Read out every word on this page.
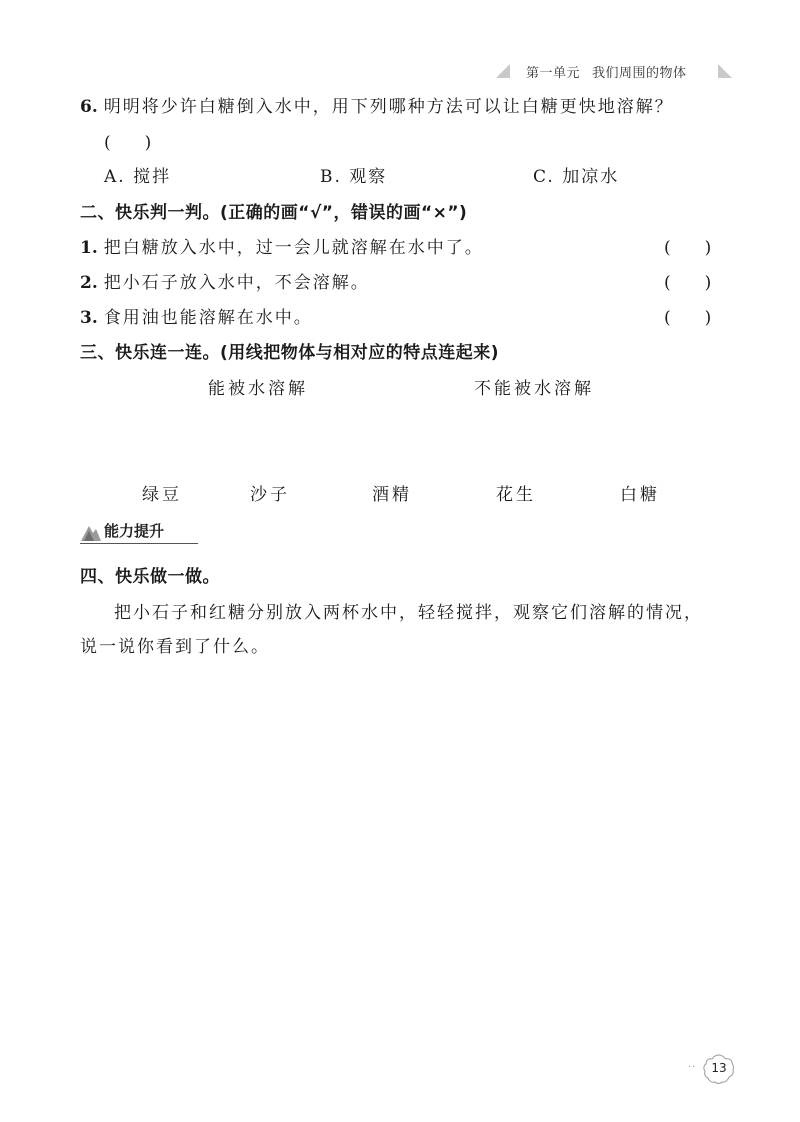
第一单元 我们周围的物体
6. 明明将少许白糖倒入水中，用下列哪种方法可以让白糖更快地溶解？
(　　)
A. 搅拌	B. 观察	C. 加凉水
二、快乐判一判。(正确的画“√”，错误的画“×”)
1. 把白糖放入水中，过一会儿就溶解在水中了。	(　　)
2. 把小石子放入水中，不会溶解。	(　　)
3. 食用油也能溶解在水中。	(　　)
三、快乐连一连。(用线把物体与相对应的特点连起来)
能被水溶解	不能被水溶解
绿豆	沙子	酒精	花生	白糖
能力提升
四、快乐做一做。
把小石子和红糖分别放入两杯水中，轻轻搅拌，观察它们溶解的情况，
说一说你看到了什么。
··	13
